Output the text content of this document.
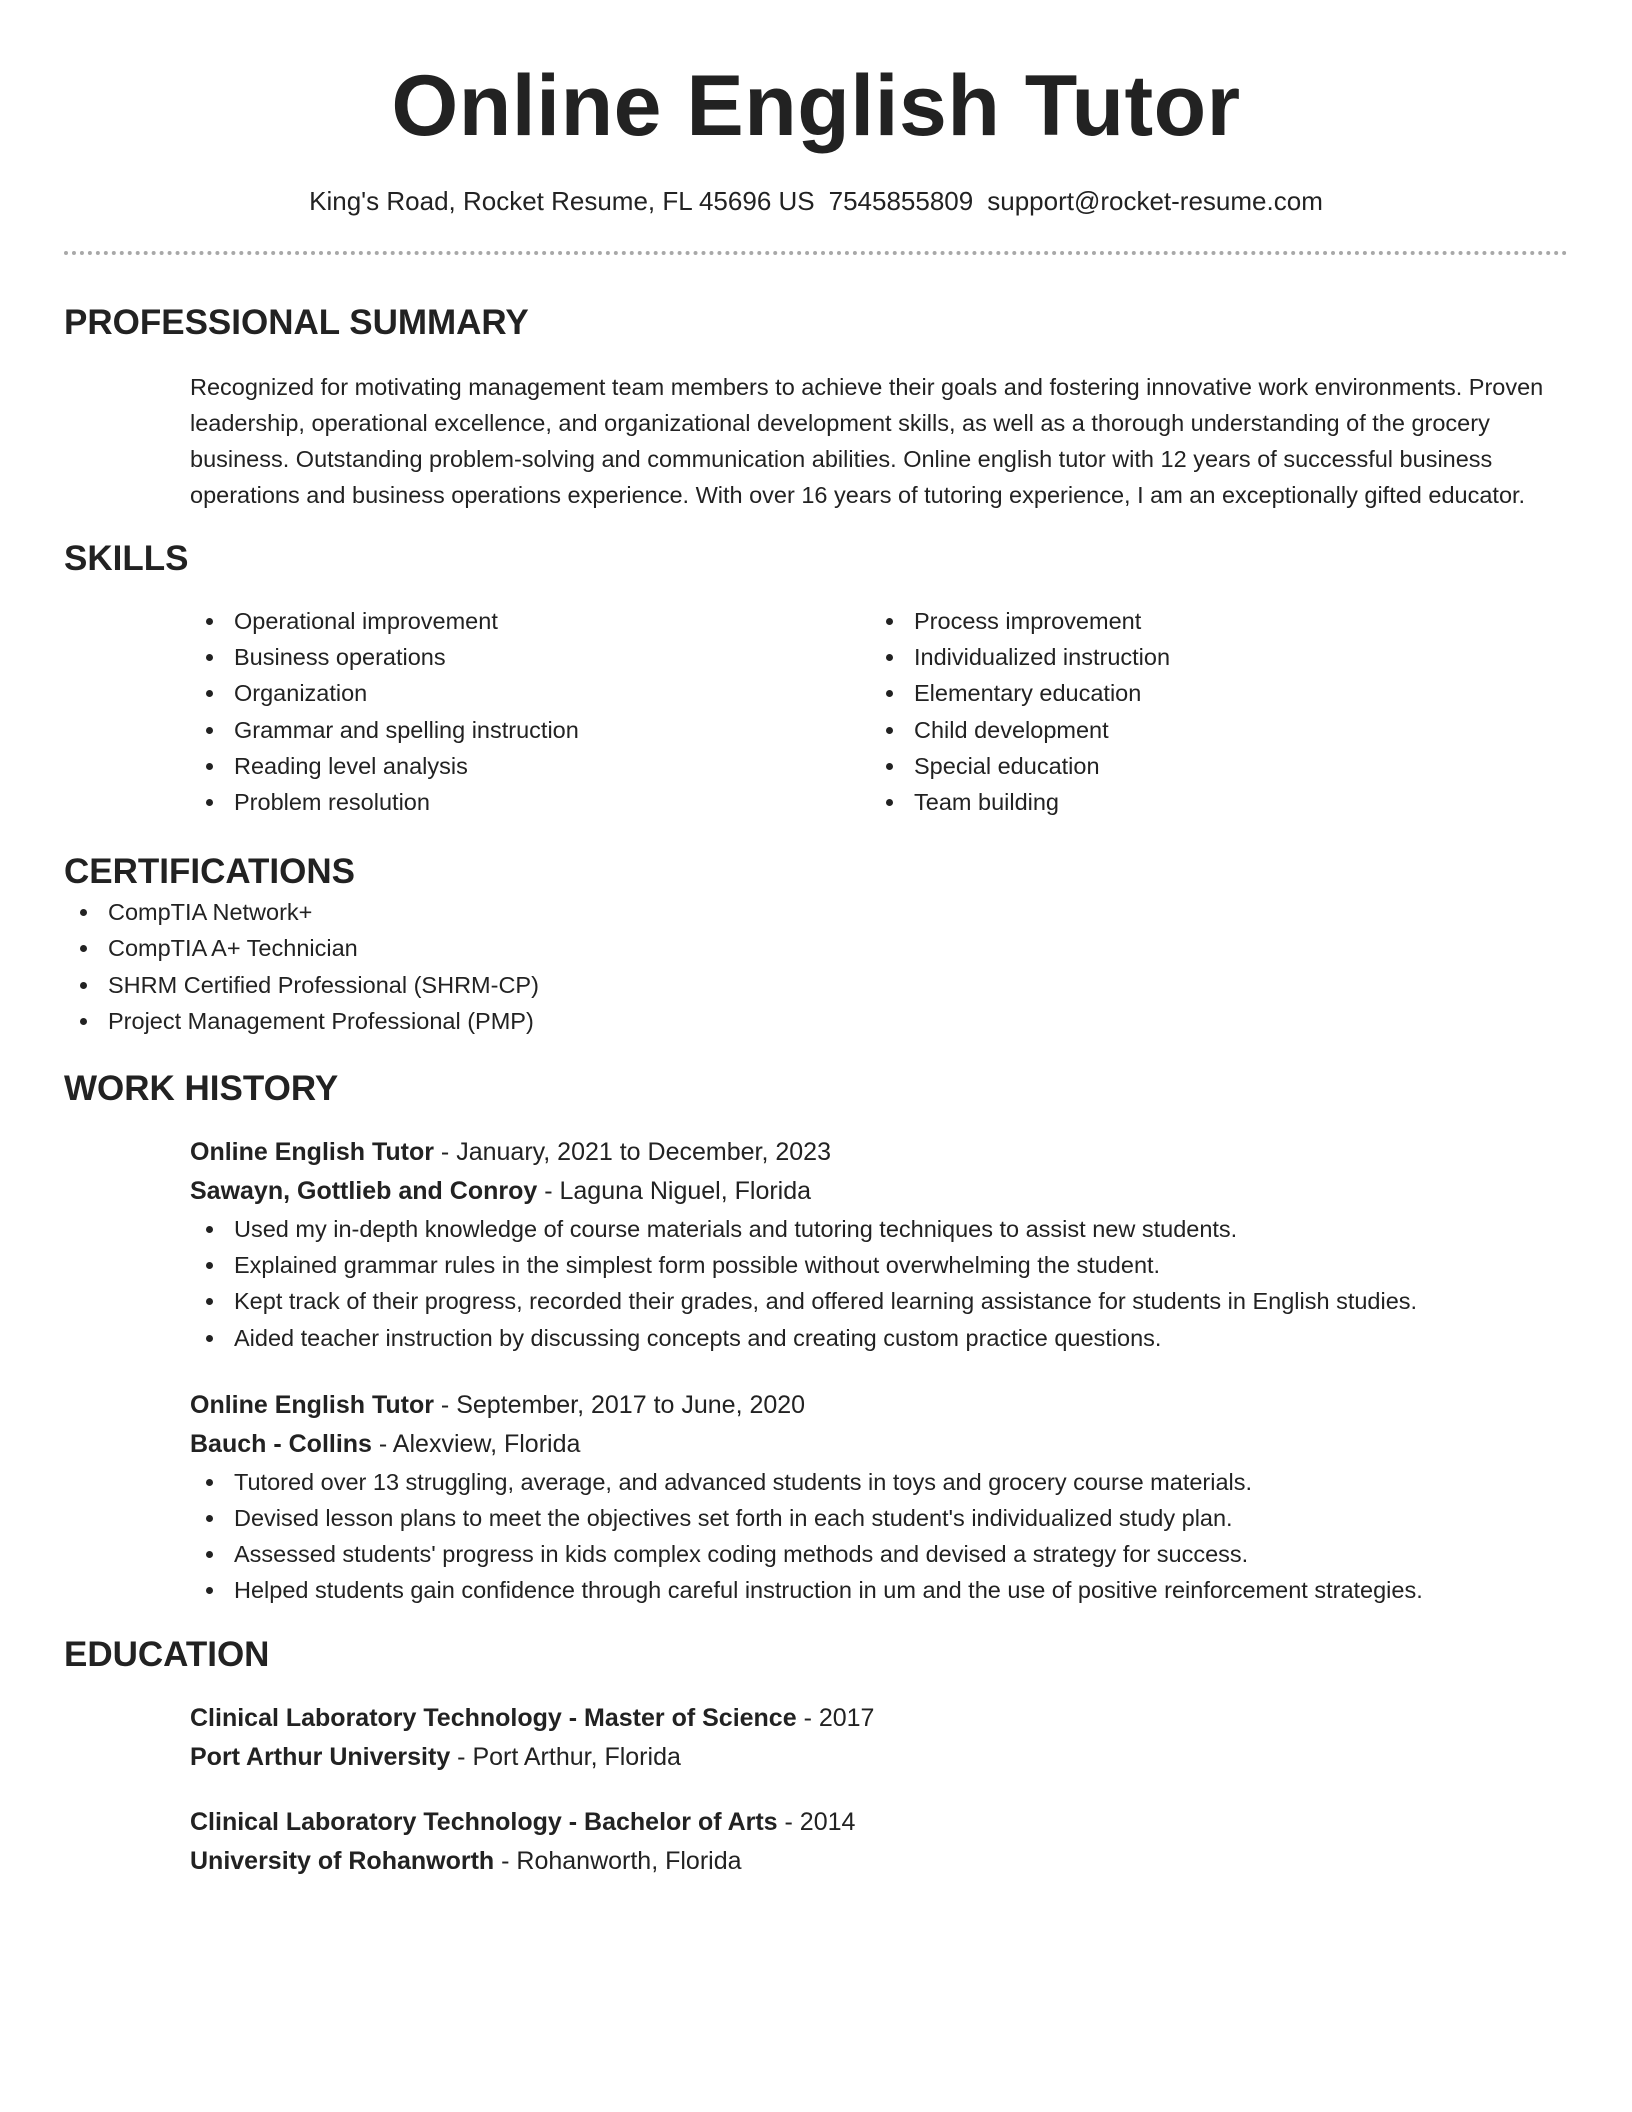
Online English Tutor
King's Road, Rocket Resume, FL 45696 US 7545855809 support@rocket-resume.com
PROFESSIONAL SUMMARY

Recognized for motivating management team members to achieve their goals and fostering innovative work environments. Proven leadership, operational excellence, and organizational development skills, as well as a thorough understanding of the grocery business. Outstanding problem-solving and communication abilities. Online english tutor with 12 years of successful business operations and business operations experience. With over 16 years of tutoring experience, I am an exceptionally gifted educator.

SKILLS
Operational improvement
Business operations
Organization
Grammar and spelling instruction
Reading level analysis
Problem resolution
Process improvement
Individualized instruction
Elementary education
Child development
Special education
Team building
CERTIFICATIONS
CompTIA Network+
CompTIA A+ Technician
SHRM Certified Professional (SHRM-CP)
Project Management Professional (PMP)
WORK HISTORY
Online English Tutor - January, 2021 to December, 2023
Sawayn, Gottlieb and Conroy - Laguna Niguel, Florida
Used my in-depth knowledge of course materials and tutoring techniques to assist new students.
Explained grammar rules in the simplest form possible without overwhelming the student.
Kept track of their progress, recorded their grades, and offered learning assistance for students in English studies.
Aided teacher instruction by discussing concepts and creating custom practice questions.
Online English Tutor - September, 2017 to June, 2020
Bauch - Collins - Alexview, Florida
Tutored over 13 struggling, average, and advanced students in toys and grocery course materials.
Devised lesson plans to meet the objectives set forth in each student's individualized study plan.
Assessed students' progress in kids complex coding methods and devised a strategy for success.
Helped students gain confidence through careful instruction in um and the use of positive reinforcement strategies.
EDUCATION
Clinical Laboratory Technology - Master of Science - 2017
Port Arthur University - Port Arthur, Florida
Clinical Laboratory Technology - Bachelor of Arts - 2014
University of Rohanworth - Rohanworth, Florida
